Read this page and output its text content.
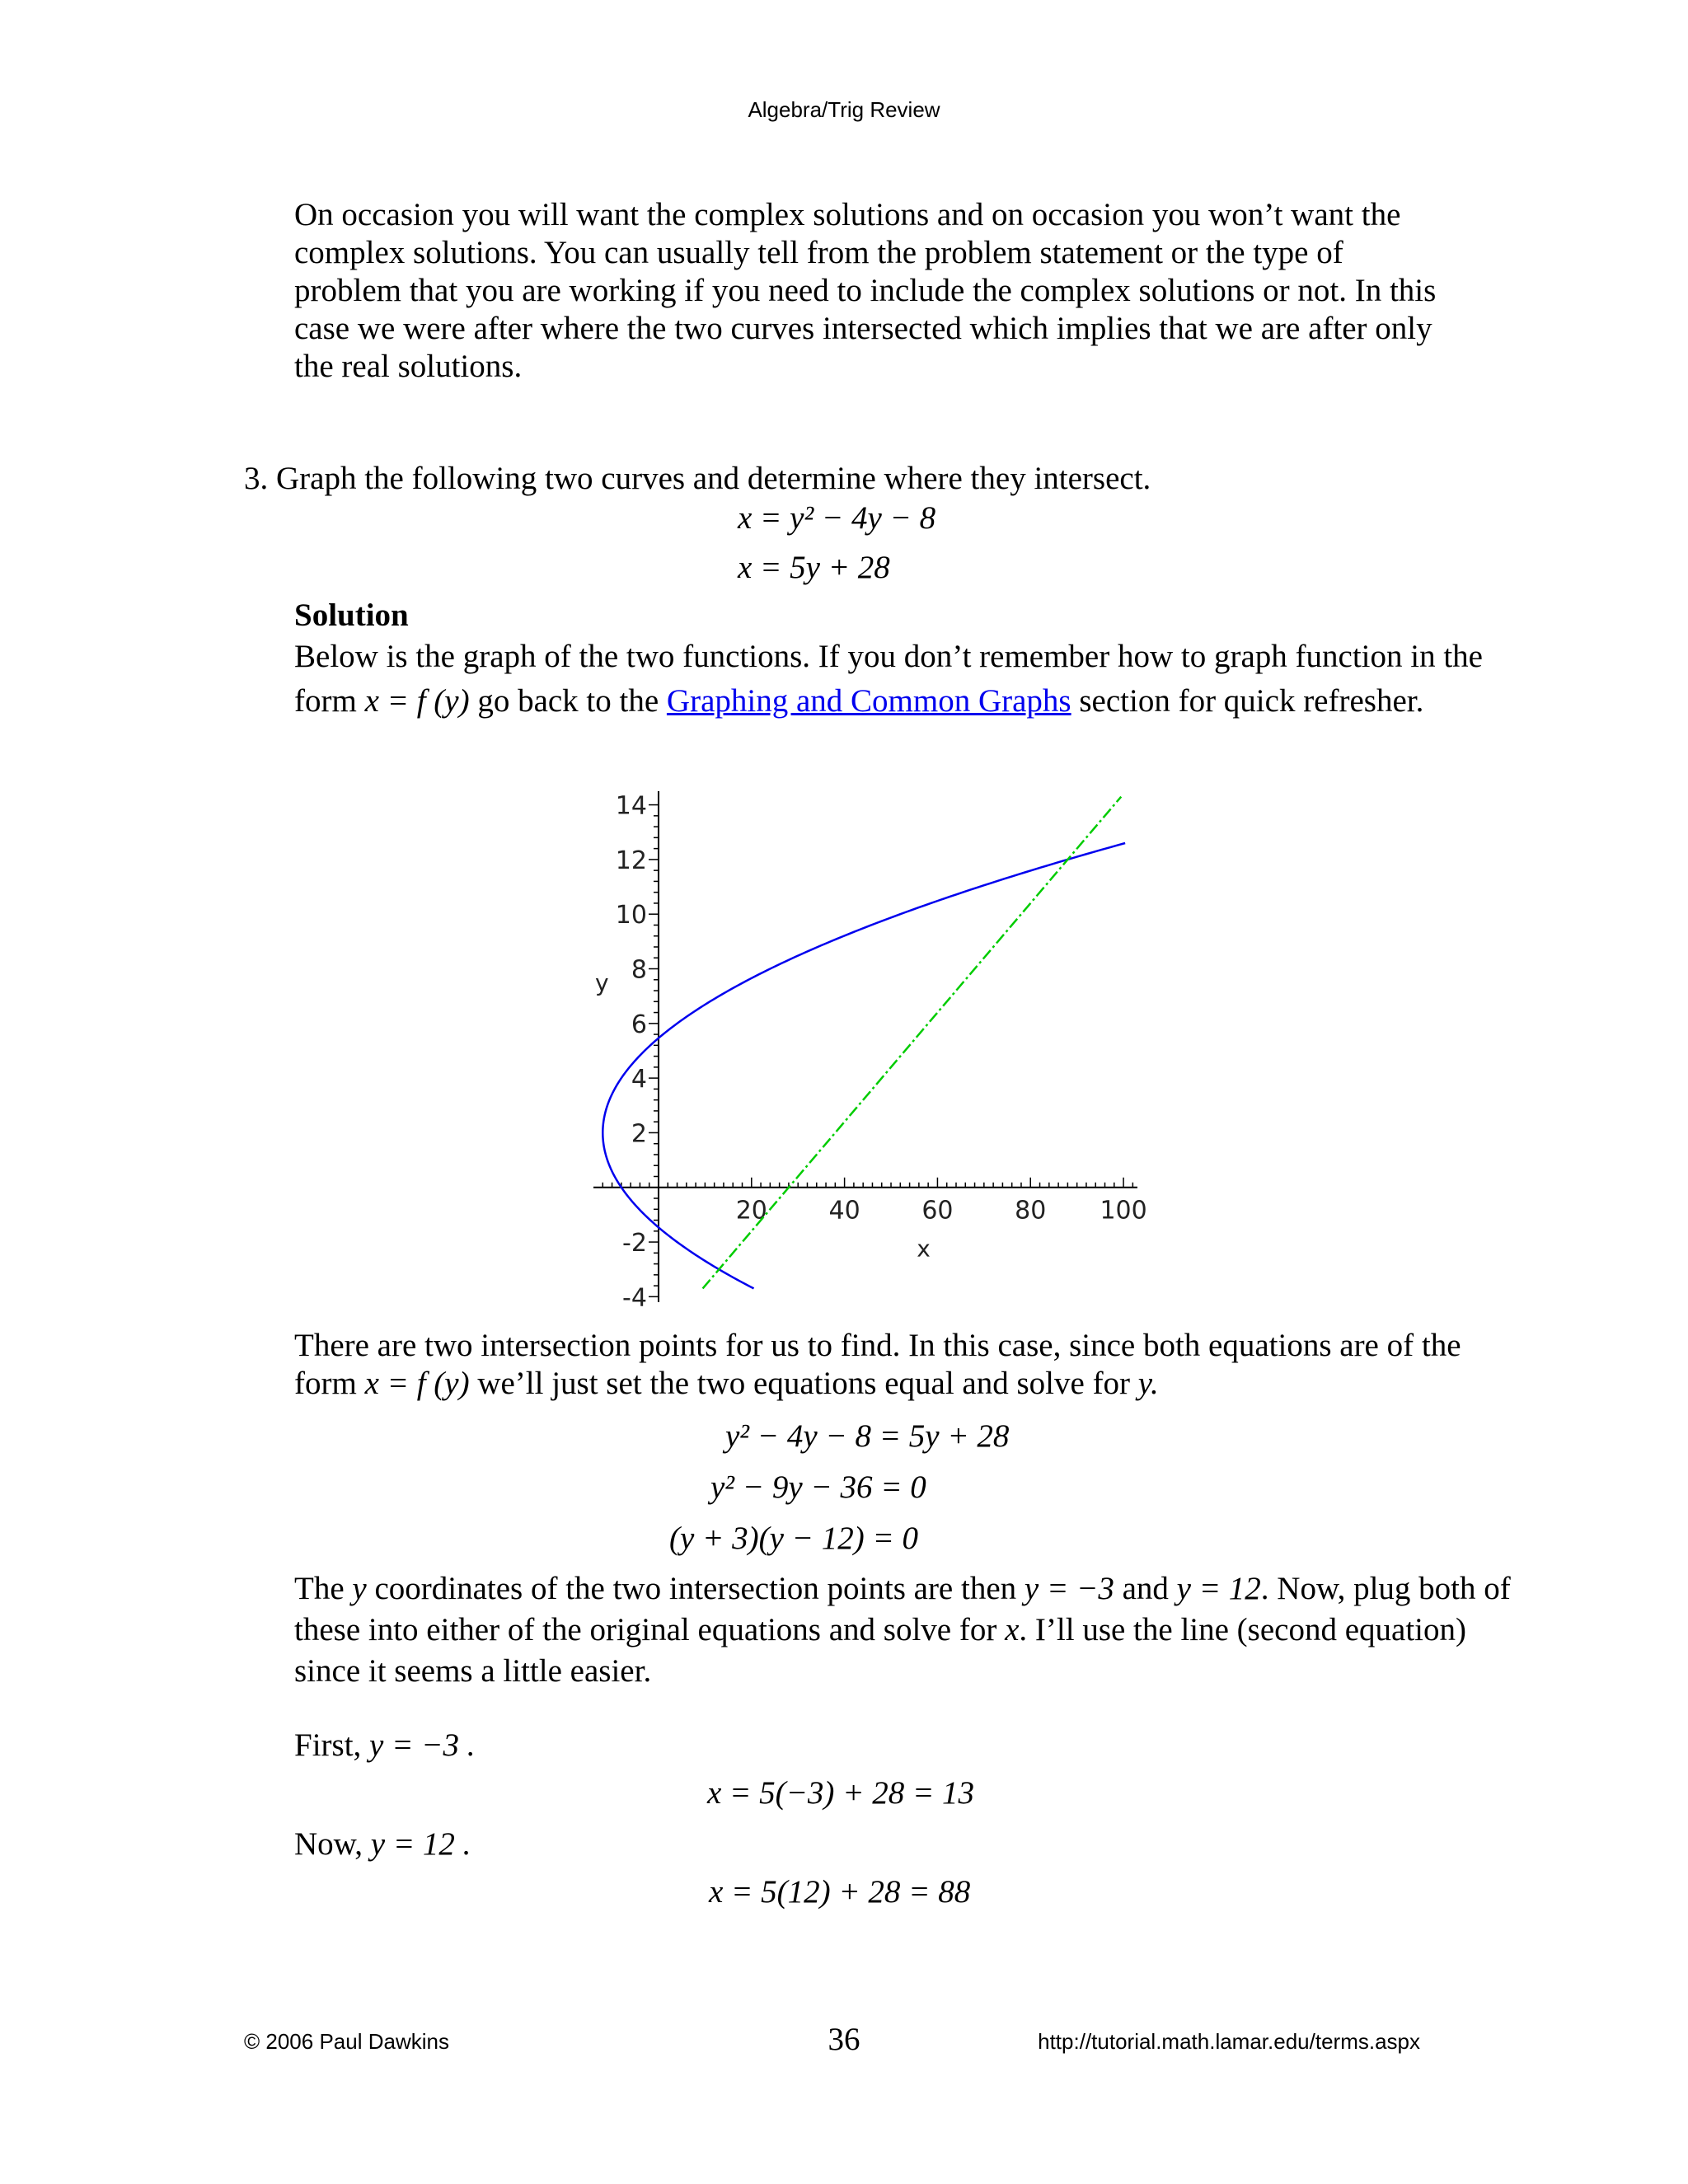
Algebra/Trig Review
On occasion you will want the complex solutions and on occasion you won’t want the complex solutions. You can usually tell from the problem statement or the type of problem that you are working if you need to include the complex solutions or not. In this case we were after where the two curves intersected which implies that we are after only the real solutions.
3. Graph the following two curves and determine where they intersect.
x = y² − 4y − 8
x = 5y + 28
Solution
Below is the graph of the two functions. If you don’t remember how to graph function in the form x = f (y) go back to the Graphing and Common Graphs section for quick refresher.
20 40 60 80 100
-4
-2
2
4
6
8
10
12
14
x
y
There are two intersection points for us to find. In this case, since both equations are of the form x = f (y) we’ll just set the two equations equal and solve for y.
y² − 4y − 8 = 5y + 28
y² − 9y − 36 = 0
(y + 3)(y − 12) = 0
The y coordinates of the two intersection points are then y = −3 and y = 12. Now, plug both of these into either of the original equations and solve for x. I’ll use the line (second equation) since it seems a little easier.
First, y = −3 .
x = 5(−3) + 28 = 13
Now, y = 12 .
x = 5(12) + 28 = 88
© 2006 Paul Dawkins	36	http://tutorial.math.lamar.edu/terms.aspx
